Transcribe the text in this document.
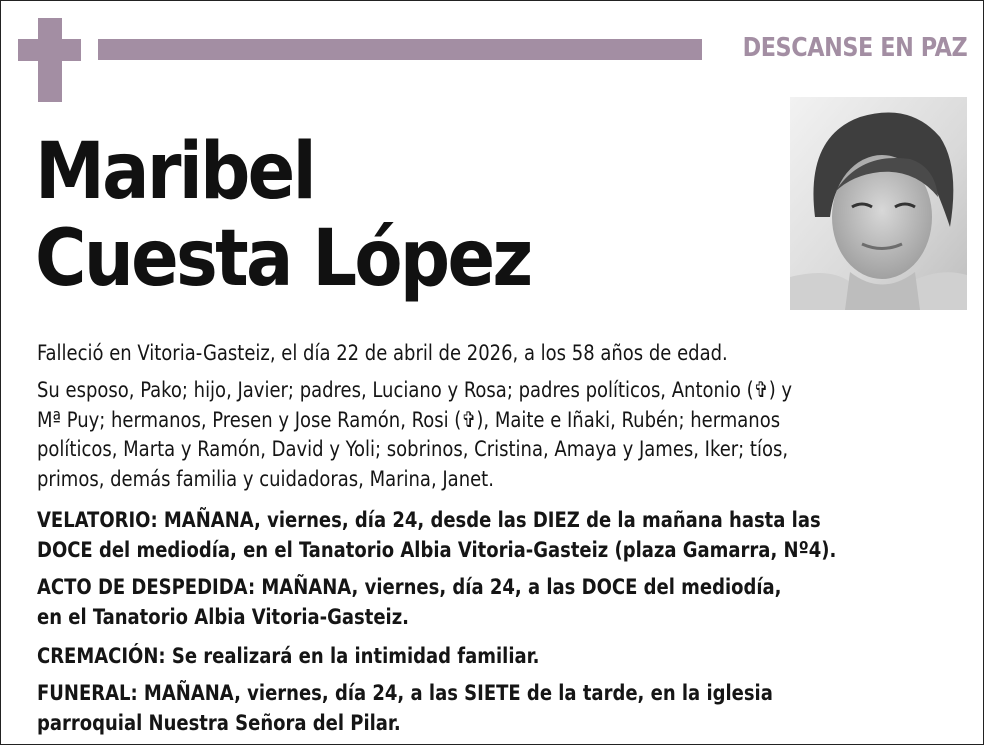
DESCANSE EN PAZ
Maribel
Cuesta López

Falleció en Vitoria-Gasteiz, el día 22 de abril de 2026, a los 58 años de edad.

Su esposo, Pako; hijo, Javier; padres, Luciano y Rosa; padres políticos, Antonio (✞) y

Mª Puy; hermanos, Presen y Jose Ramón, Rosi (✞), Maite e Iñaki, Rubén; hermanos

políticos, Marta y Ramón, David y Yoli; sobrinos, Cristina, Amaya y James, Iker; tíos,

primos, demás familia y cuidadoras, Marina, Janet.

VELATORIO: MAÑANA, viernes, día 24, desde las DIEZ de la mañana hasta las

DOCE del mediodía, en el Tanatorio Albia Vitoria-Gasteiz (plaza Gamarra, Nº4).

ACTO DE DESPEDIDA: MAÑANA, viernes, día 24, a las DOCE del mediodía,

en el Tanatorio Albia Vitoria-Gasteiz.

CREMACIÓN: Se realizará en la intimidad familiar.

FUNERAL: MAÑANA, viernes, día 24, a las SIETE de la tarde, en la iglesia

parroquial Nuestra Señora del Pilar.
